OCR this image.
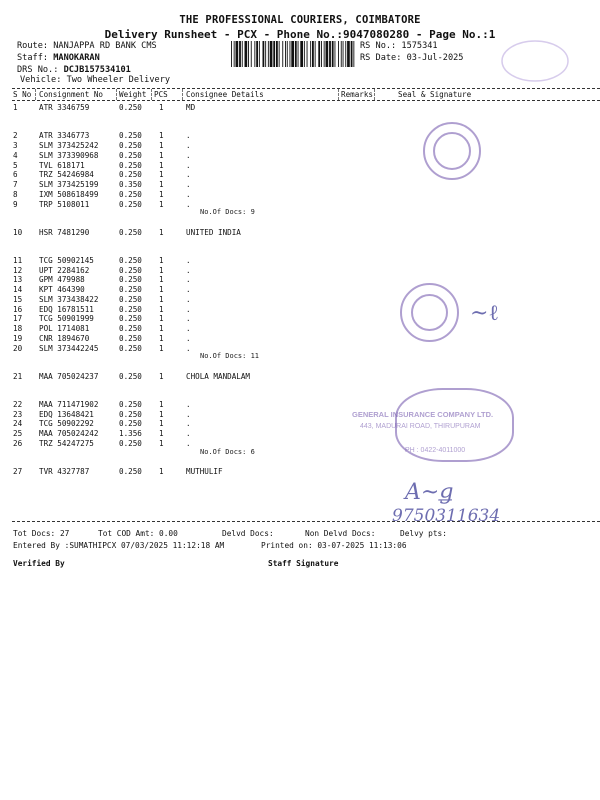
THE PROFESSIONAL COURIERS, COIMBATORE
Delivery Runsheet - PCX - Phone No.:9047080280 - Page No.:1
Route: NANJAPPA RD BANK CMS
Staff: MANOKARAN
DRS No.: DCJB157534101
Vehicle: Two Wheeler Delivery
RS No.: 1575341
RS Date: 03-Jul-2025
S No Consignment No Weight PCS Consignee Details	Remarks	Seal & Signature
1	ATR 3346759	0.250 1	MD
2	ATR 3346773	0.250 1	.
3	SLM 373425242	0.250 1	.
4	SLM 373390968	0.250 1	.
5	TVL 618171	0.250 1	.
6	TRZ 54246984	0.250 1	.
7	SLM 373425199	0.350 1	.
8	IXM 508618499	0.250 1	.
9	TRP 5108011	0.250 1	.
No.Of Docs: 9
10 HSR 7481290	0.250 1	UNITED INDIA
11 TCG 50902145	0.250 1	.
12 UPT 2284162	0.250 1	.
13 GPM 479988	0.250 1	.
14 KPT 464390	0.250 1	.
15 SLM 373438422	0.250 1	.
16 EDQ 16781511	0.250 1	.
17 TCG 50901999	0.250 1	.
18 POL 1714081	0.250 1	.
19 CNR 1894670	0.250 1	.
20 SLM 373442245	0.250 1	.
No.Of Docs: 11
21 MAA 705024237	0.250 1	CHOLA MANDALAM
22 MAA 711471902	0.250 1	.
23 EDQ 13648421	0.250 1	.
24 TCG 50902292	0.250 1	.
25 MAA 705024242	1.356 1	.
26 TRZ 54247275	0.250 1	.
No.Of Docs: 6
27 TVR 4327787	0.250 1	MUTHULIF
~ℓ
GENERAL INSURANCE COMPANY LTD.
443, MADURAI ROAD, THIRUPURAM
PH : 0422-4011000
A~ǥ
9750311634
Tot Docs: 27	Tot COD Amt: 0.00	Delvd Docs:	Non Delvd Docs:	Delvy pts:
Entered By :SUMATHIPCX 07/03/2025 11:12:18 AM	Printed on: 03-07-2025 11:13:06
Verified By	Staff Signature
